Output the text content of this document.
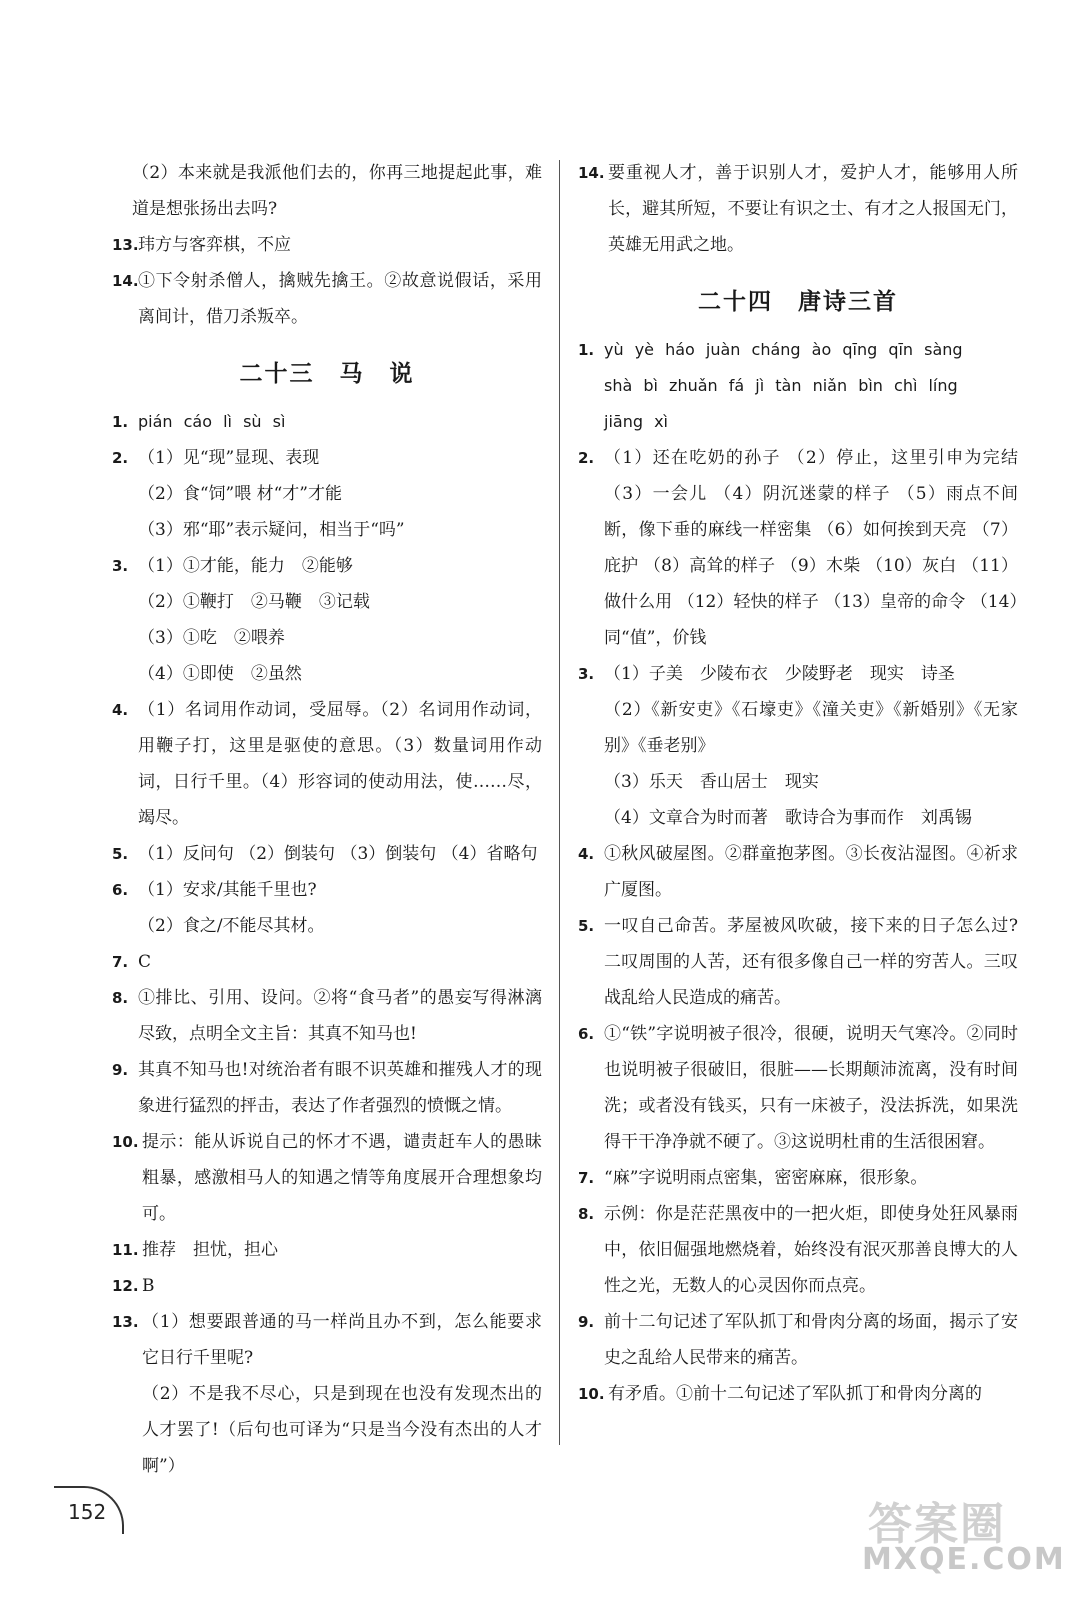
（2）本来就是我派他们去的，你再三地提起此事，难道是想张扬出去吗?
13. 玮方与客弈棋，不应
14. ①下令射杀僧人，擒贼先擒王。②故意说假话，采用离间计，借刀杀叛卒。
二十三　马　说
1. pián cáo lì sù sì
2. （1）见“现”显现、表现
（2）食“饲”喂 材“才”才能
（3）邪“耶”表示疑问，相当于“吗”
3. （1）①才能，能力　②能够
（2）①鞭打　②马鞭　③记载
（3）①吃　②喂养
（4）①即使　②虽然
4. （1）名词用作动词，受屈辱。（2）名词用作动词，用鞭子打，这里是驱使的意思。（3）数量词用作动词，日行千里。（4）形容词的使动用法，使……尽，竭尽。
5. （1）反问句 （2）倒装句 （3）倒装句 （4）省略句
6. （1）安求/其能千里也?
（2）食之/不能尽其材。
7. C
8. ①排比、引用、设问。②将“食马者”的愚妄写得淋漓尽致，点明全文主旨：其真不知马也!
9. 其真不知马也!对统治者有眼不识英雄和摧残人才的现象进行猛烈的抨击，表达了作者强烈的愤慨之情。
10. 提示：能从诉说自己的怀才不遇，谴责赶车人的愚昧粗暴，感激相马人的知遇之情等角度展开合理想象均可。
11. 推荐　担忧，担心
12. B
13. （1）想要跟普通的马一样尚且办不到，怎么能要求它日行千里呢?
（2）不是我不尽心，只是到现在也没有发现杰出的人才罢了!（后句也可译为“只是当今没有杰出的人才啊”）
14. 要重视人才，善于识别人才，爱护人才，能够用人所长，避其所短，不要让有识之士、有才之人报国无门，英雄无用武之地。
二十四　唐诗三首
1. yù yè háo juàn cháng ào qīng qīn sàng
shà bì zhuǎn fá jì tàn niǎn bìn chì líng
jiāng xì
2. （1）还在吃奶的孙子 （2）停止，这里引申为完结 （3）一会儿 （4）阴沉迷蒙的样子 （5）雨点不间断，像下垂的麻线一样密集 （6）如何挨到天亮 （7）庇护 （8）高耸的样子 （9）木柴 （10）灰白 （11）做什么用 （12）轻快的样子 （13）皇帝的命令 （14）同“值”，价钱
3. （1）子美　少陵布衣　少陵野老　现实　诗圣
（2）《新安吏》《石壕吏》《潼关吏》《新婚别》《无家别》《垂老别》
（3）乐天　香山居士　现实
（4）文章合为时而著　歌诗合为事而作　刘禹锡
4. ①秋风破屋图。②群童抱茅图。③长夜沾湿图。④祈求广厦图。
5. 一叹自己命苦。茅屋被风吹破，接下来的日子怎么过?二叹周围的人苦，还有很多像自己一样的穷苦人。三叹战乱给人民造成的痛苦。
6. ①“铁”字说明被子很冷，很硬，说明天气寒冷。②同时也说明被子很破旧，很脏——长期颠沛流离，没有时间洗；或者没有钱买，只有一床被子，没法拆洗，如果洗得干干净净就不硬了。③这说明杜甫的生活很困窘。
7. “麻”字说明雨点密集，密密麻麻，很形象。
8. 示例：你是茫茫黑夜中的一把火炬，即使身处狂风暴雨中，依旧倔强地燃烧着，始终没有泯灭那善良博大的人性之光，无数人的心灵因你而点亮。
9. 前十二句记述了军队抓丁和骨肉分离的场面，揭示了安史之乱给人民带来的痛苦。
10. 有矛盾。①前十二句记述了军队抓丁和骨肉分离的
152	答案圈
MXQE.COM
